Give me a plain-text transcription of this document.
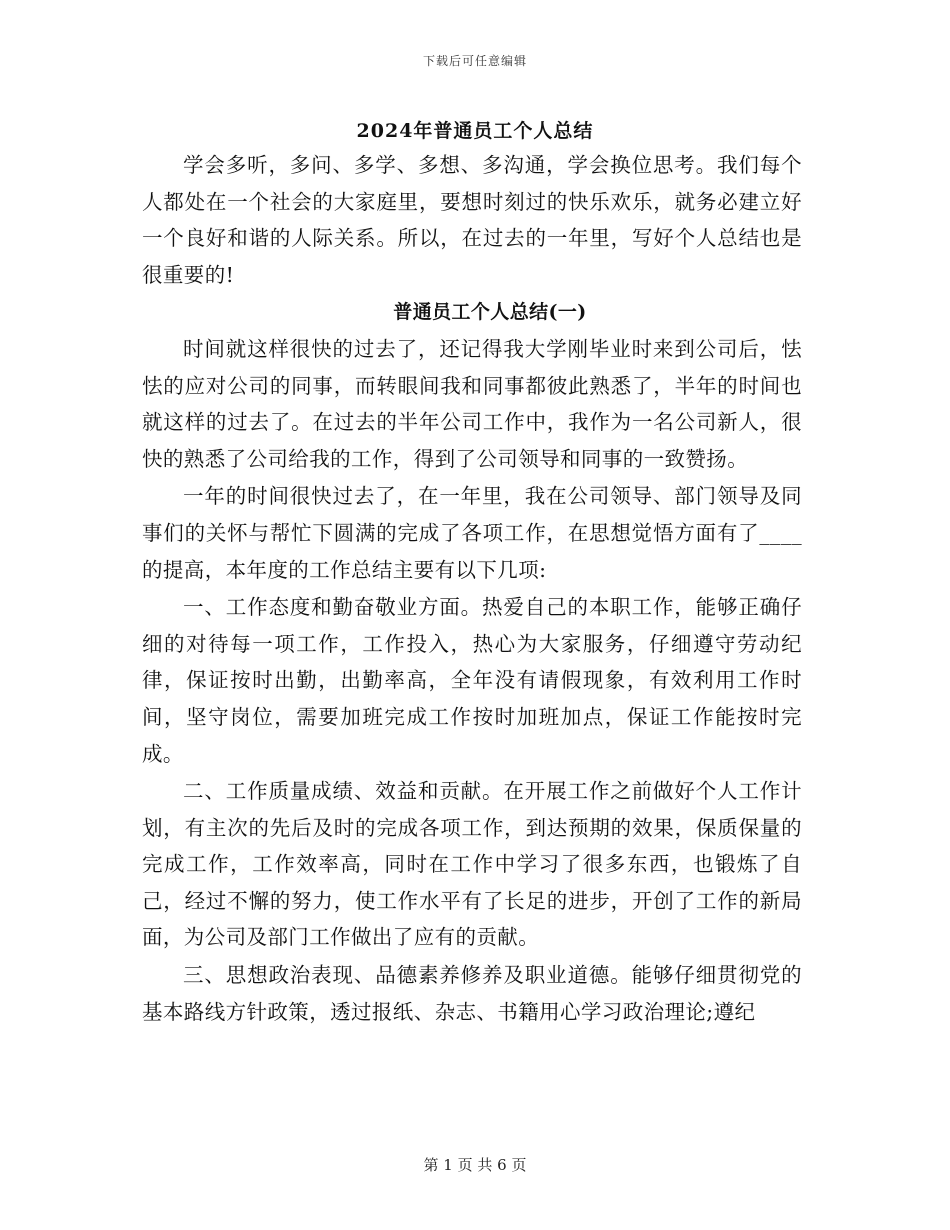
下载后可任意编辑
2024年普通员工个人总结

学会多听，多问、多学、多想、多沟通，学会换位思考。我们每个人都处在一个社会的大家庭里，要想时刻过的快乐欢乐，就务必建立好一个良好和谐的人际关系。所以，在过去的一年里，写好个人总结也是很重要的!

普通员工个人总结(一)

时间就这样很快的过去了，还记得我大学刚毕业时来到公司后，怯怯的应对公司的同事，而转眼间我和同事都彼此熟悉了，半年的时间也就这样的过去了。在过去的半年公司工作中，我作为一名公司新人，很快的熟悉了公司给我的工作，得到了公司领导和同事的一致赞扬。

一年的时间很快过去了，在一年里，我在公司领导、部门领导及同事们的关怀与帮忙下圆满的完成了各项工作，在思想觉悟方面有了____的提高，本年度的工作总结主要有以下几项:

一、工作态度和勤奋敬业方面。热爱自己的本职工作，能够正确仔细的对待每一项工作，工作投入，热心为大家服务，仔细遵守劳动纪律，保证按时出勤，出勤率高，全年没有请假现象，有效利用工作时间，坚守岗位，需要加班完成工作按时加班加点，保证工作能按时完成。

二、工作质量成绩、效益和贡献。在开展工作之前做好个人工作计划，有主次的先后及时的完成各项工作，到达预期的效果，保质保量的完成工作，工作效率高，同时在工作中学习了很多东西，也锻炼了自己，经过不懈的努力，使工作水平有了长足的进步，开创了工作的新局面，为公司及部门工作做出了应有的贡献。

三、思想政治表现、品德素养修养及职业道德。能够仔细贯彻党的基本路线方针政策，透过报纸、杂志、书籍用心学习政治理论;遵纪

第 1 页 共 6 页
